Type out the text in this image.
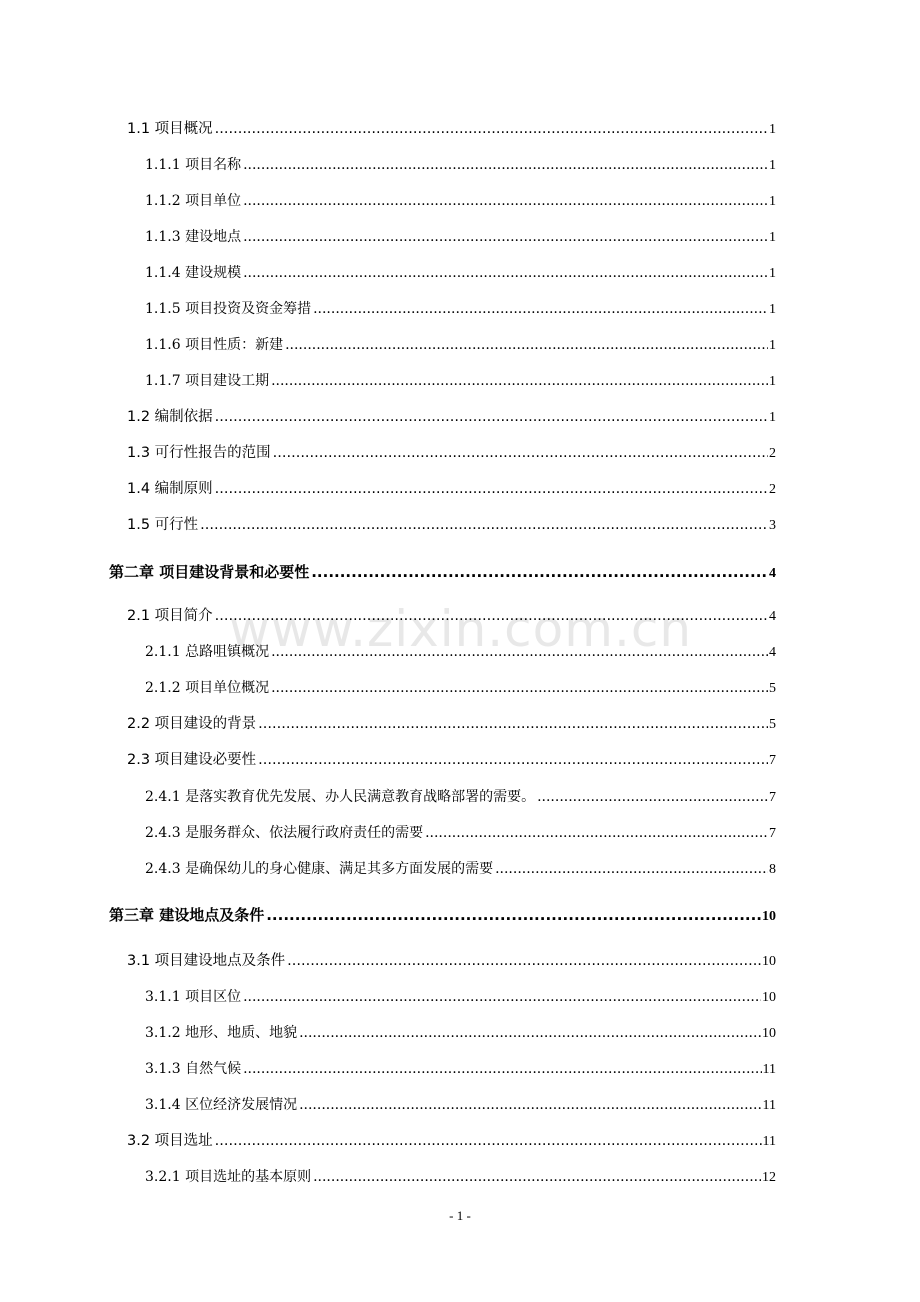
www.zixin.com.cn
1.1 项目概况 .....	1
1.1.1 项目名称 .....	1
1.1.2 项目单位 .....	1
1.1.3 建设地点 .....	1
1.1.4 建设规模 .....	1
1.1.5 项目投资及资金筹措 .....	1
1.1.6 项目性质：新建 .....	1
1.1.7 项目建设工期 .....	1
1.2 编制依据 .....	1
1.3 可行性报告的范围 .....	2
1.4 编制原则 .....	2
1.5 可行性 .....	3
第二章 项目建设背景和必要性 .....	4
2.1 项目简介 .....	4
2.1.1 总路咀镇概况 .....	4
2.1.2 项目单位概况 .....	5
2.2 项目建设的背景 .....	5
2.3 项目建设必要性 .....	7
2.4.1 是落实教育优先发展、办人民满意教育战略部署的需要。 .....	7
2.4.3 是服务群众、依法履行政府责任的需要 .....	7
2.4.3 是确保幼儿的身心健康、满足其多方面发展的需要 .....	8
第三章 建设地点及条件 .....	10
3.1 项目建设地点及条件 .....	10
3.1.1 项目区位 .....	10
3.1.2 地形、地质、地貌 .....	10
3.1.3 自然气候 .....	11
3.1.4 区位经济发展情况 .....	11
3.2 项目选址 .....	11
3.2.1 项目选址的基本原则 .....	12
- 1 -
